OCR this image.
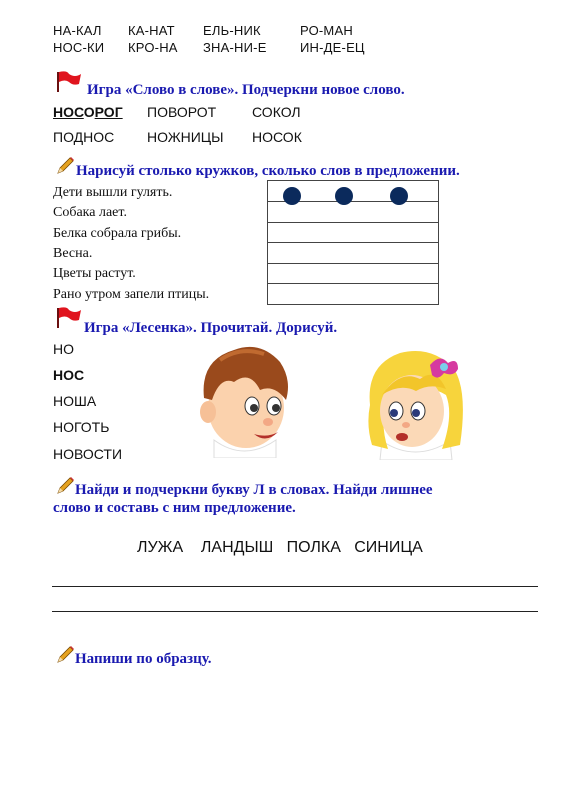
НА-КАЛ КА-НАТ ЕЛЬ-НИК	РО-МАН
НОС-КИ КРО-НА ЗНА-НИ-Е	ИН-ДЕ-ЕЦ
Игра «Слово в слове». Подчеркни новое слово.
НОСОРОГ ПОВОРОТ	СОКОЛ
ПОДНОС НОЖНИЦЫ НОСОК
Нарисуй столько кружков, сколько слов в предложении.
Дети вышли гулять.
Собака лает.
Белка собрала грибы.
Весна.
Цветы растут.
Рано утром запели птицы.
Игра «Лесенка». Прочитай. Дорисуй.
НО
НОС
НОША
НОГОТЬ
НОВОСТИ
Найди и подчеркни букву Л в словах. Найди лишнее
слово и составь с ним предложение.
ЛУЖА ЛАНДЫШ ПОЛКА СИНИЦА
Напиши по образцу.
